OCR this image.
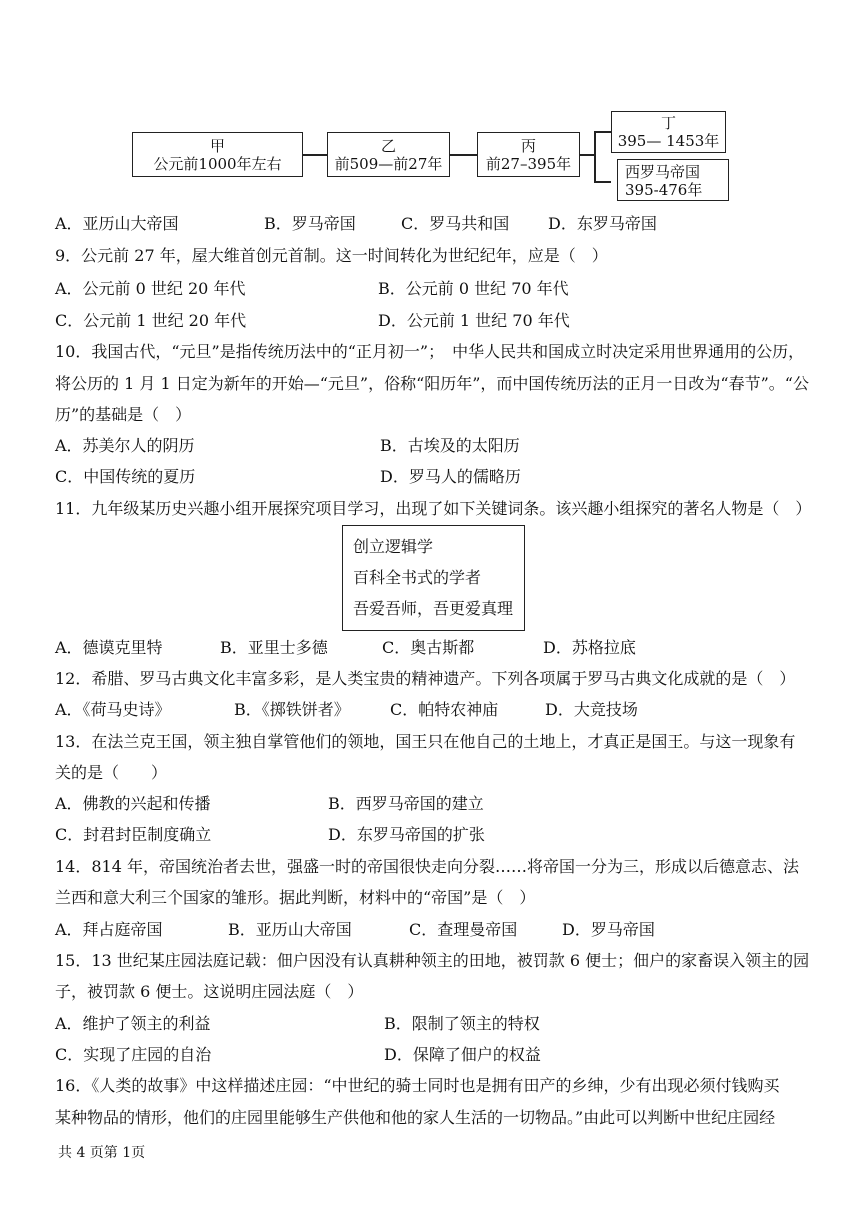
甲
公元前1000年左右
乙
前509—前27年
丙
前27–395年
丁
395— 1453年
西罗马帝国
395-476年
A．亚历山大帝国	B．罗马帝国	C．罗马共和国 D．东罗马帝国
9．公元前 27 年，屋大维首创元首制。这一时间转化为世纪纪年，应是（　）
A．公元前 0 世纪 20 年代	B．公元前 0 世纪 70 年代
C．公元前 1 世纪 20 年代	D．公元前 1 世纪 70 年代
10．我国古代，“元旦”是指传统历法中的“正月初一”；　中华人民共和国成立时决定采用世界通用的公历，
将公历的 1 月 1 日定为新年的开始—“元旦”，俗称“阳历年”，而中国传统历法的正月一日改为“春节”。“公
历”的基础是（　）
A．苏美尔人的阴历	B．古埃及的太阳历
C．中国传统的夏历	D．罗马人的儒略历
11．九年级某历史兴趣小组开展探究项目学习，出现了如下关键词条。该兴趣小组探究的著名人物是（　）
创立逻辑学
百科全书式的学者
吾爱吾师，吾更爱真理
A．德谟克里特	B．亚里士多德	C．奥古斯都	D．苏格拉底
12．希腊、罗马古典文化丰富多彩，是人类宝贵的精神遗产。下列各项属于罗马古典文化成就的是（　）
A．《荷马史诗》	B．《掷铁饼者》	C．帕特农神庙	D．大竞技场
13．在法兰克王国，领主独自掌管他们的领地，国王只在他自己的土地上，才真正是国王。与这一现象有
关的是（　　）
A．佛教的兴起和传播	B．西罗马帝国的建立
C．封君封臣制度确立	D．东罗马帝国的扩张
14．814 年，帝国统治者去世，强盛一时的帝国很快走向分裂……将帝国一分为三，形成以后德意志、法
兰西和意大利三个国家的雏形。据此判断，材料中的“帝国”是（　）
A．拜占庭帝国	B．亚历山大帝国	C．查理曼帝国	D．罗马帝国
15．13 世纪某庄园法庭记载：佃户因没有认真耕种领主的田地，被罚款 6 便士；佃户的家畜误入领主的园
子，被罚款 6 便士。这说明庄园法庭（　）
A．维护了领主的利益	B．限制了领主的特权
C．实现了庄园的自治	D．保障了佃户的权益
16．《人类的故事》中这样描述庄园：“中世纪的骑士同时也是拥有田产的乡绅，少有出现必须付钱购买
某种物品的情形，他们的庄园里能够生产供他和他的家人生活的一切物品。”由此可以判断中世纪庄园经
共 4 页第 1页
